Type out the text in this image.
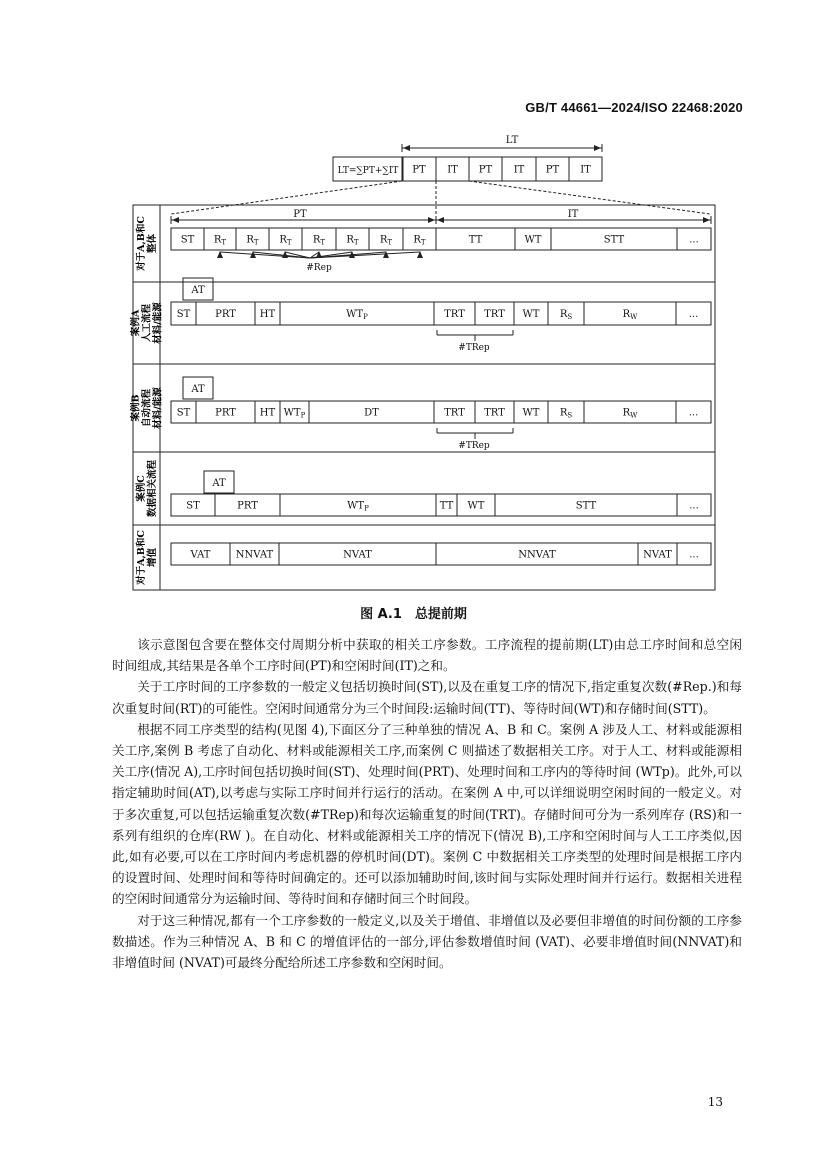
GB/T 44661—2024/ISO 22468:2020
LT
LT=∑PT+∑IT PT IT PT IT PT IT
对于A,B和C 整体
案例A 人工流程 材料/能源
案例B 自动流程 材料/能源
案例C 数据相关流程
对于A,B和C 增值
PT	IT
ST $R_T$ $R_T$ $R_T$ $R_T$ $R_T$ $R_T$ $R_T$	TT	WT	STT	...
#Rep
AT
ST PRT HT	$WT_P$	TRT TRT WT $R_S$	$R_W$	...
#TRep
AT
ST PRT HT $WT_P$	DT	TRT TRT WT $R_S$	$R_W$	...
#TRep
AT
ST	PRT	$WT_P$	TT WT	STT	...
VAT	NNVAT	NVAT	NNVAT	NVAT ...
图 A.1　总提前期

该示意图包含要在整体交付周期分析中获取的相关工序参数。工序流程的提前期(LT)由总工序时间和总空闲时间组成,其结果是各单个工序时间(PT)和空闲时间(IT)之和。

关于工序时间的工序参数的一般定义包括切换时间(ST),以及在重复工序的情况下,指定重复次数(#Rep.)和每次重复时间(RT)的可能性。空闲时间通常分为三个时间段:运输时间(TT)、等待时间(WT)和存储时间(STT)。

根据不同工序类型的结构(见图 4),下面区分了三种单独的情况 A、B 和 C。案例 A 涉及人工、材料或能源相关工序,案例 B 考虑了自动化、材料或能源相关工序,而案例 C 则描述了数据相关工序。对于人工、材料或能源相关工序(情况 A),工序时间包括切换时间(ST)、处理时间(PRT)、处理时间和工序内的等待时间 (WTp)。此外,可以指定辅助时间(AT),以考虑与实际工序时间并行运行的活动。在案例 A 中,可以详细说明空闲时间的一般定义。对于多次重复,可以包括运输重复次数(#TRep)和每次运输重复的时间(TRT)。存储时间可分为一系列库存 (RS)和一系列有组织的仓库(RW )。在自动化、材料或能源相关工序的情况下(情况 B),工序和空闲时间与人工工序类似,因此,如有必要,可以在工序时间内考虑机器的停机时间(DT)。案例 C 中数据相关工序类型的处理时间是根据工序内的设置时间、处理时间和等待时间确定的。还可以添加辅助时间,该时间与实际处理时间并行运行。数据相关进程的空闲时间通常分为运输时间、等待时间和存储时间三个时间段。

对于这三种情况,都有一个工序参数的一般定义,以及关于增值、非增值以及必要但非增值的时间份额的工序参数描述。作为三种情况 A、B 和 C 的增值评估的一部分,评估参数增值时间 (VAT)、必要非增值时间(NNVAT)和非增值时间 (NVAT)可最终分配给所述工序参数和空闲时间。

13
